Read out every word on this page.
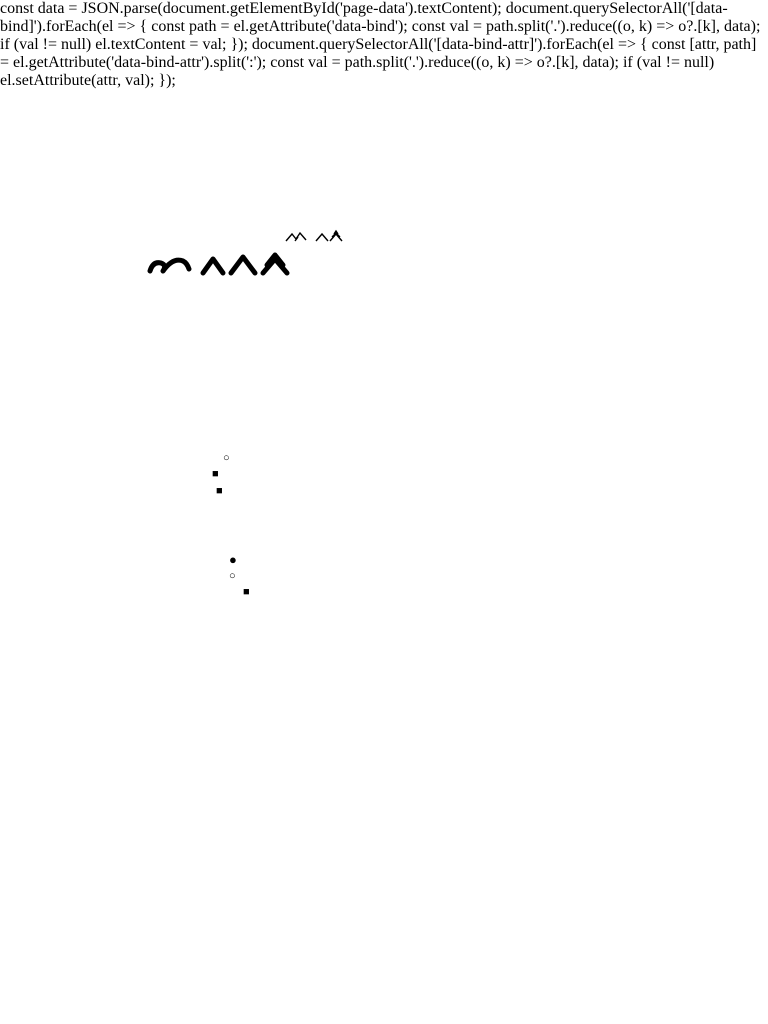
○
■
■
●
○
■
const data = JSON.parse(document.getElementById('page-data').textContent); document.querySelectorAll('[data-bind]').forEach(el => { const path = el.getAttribute('data-bind'); const val = path.split('.').reduce((o, k) => o?.[k], data); if (val != null) el.textContent = val; }); document.querySelectorAll('[data-bind-attr]').forEach(el => { const [attr, path] = el.getAttribute('data-bind-attr').split(':'); const val = path.split('.').reduce((o, k) => o?.[k], data); if (val != null) el.setAttribute(attr, val); });
